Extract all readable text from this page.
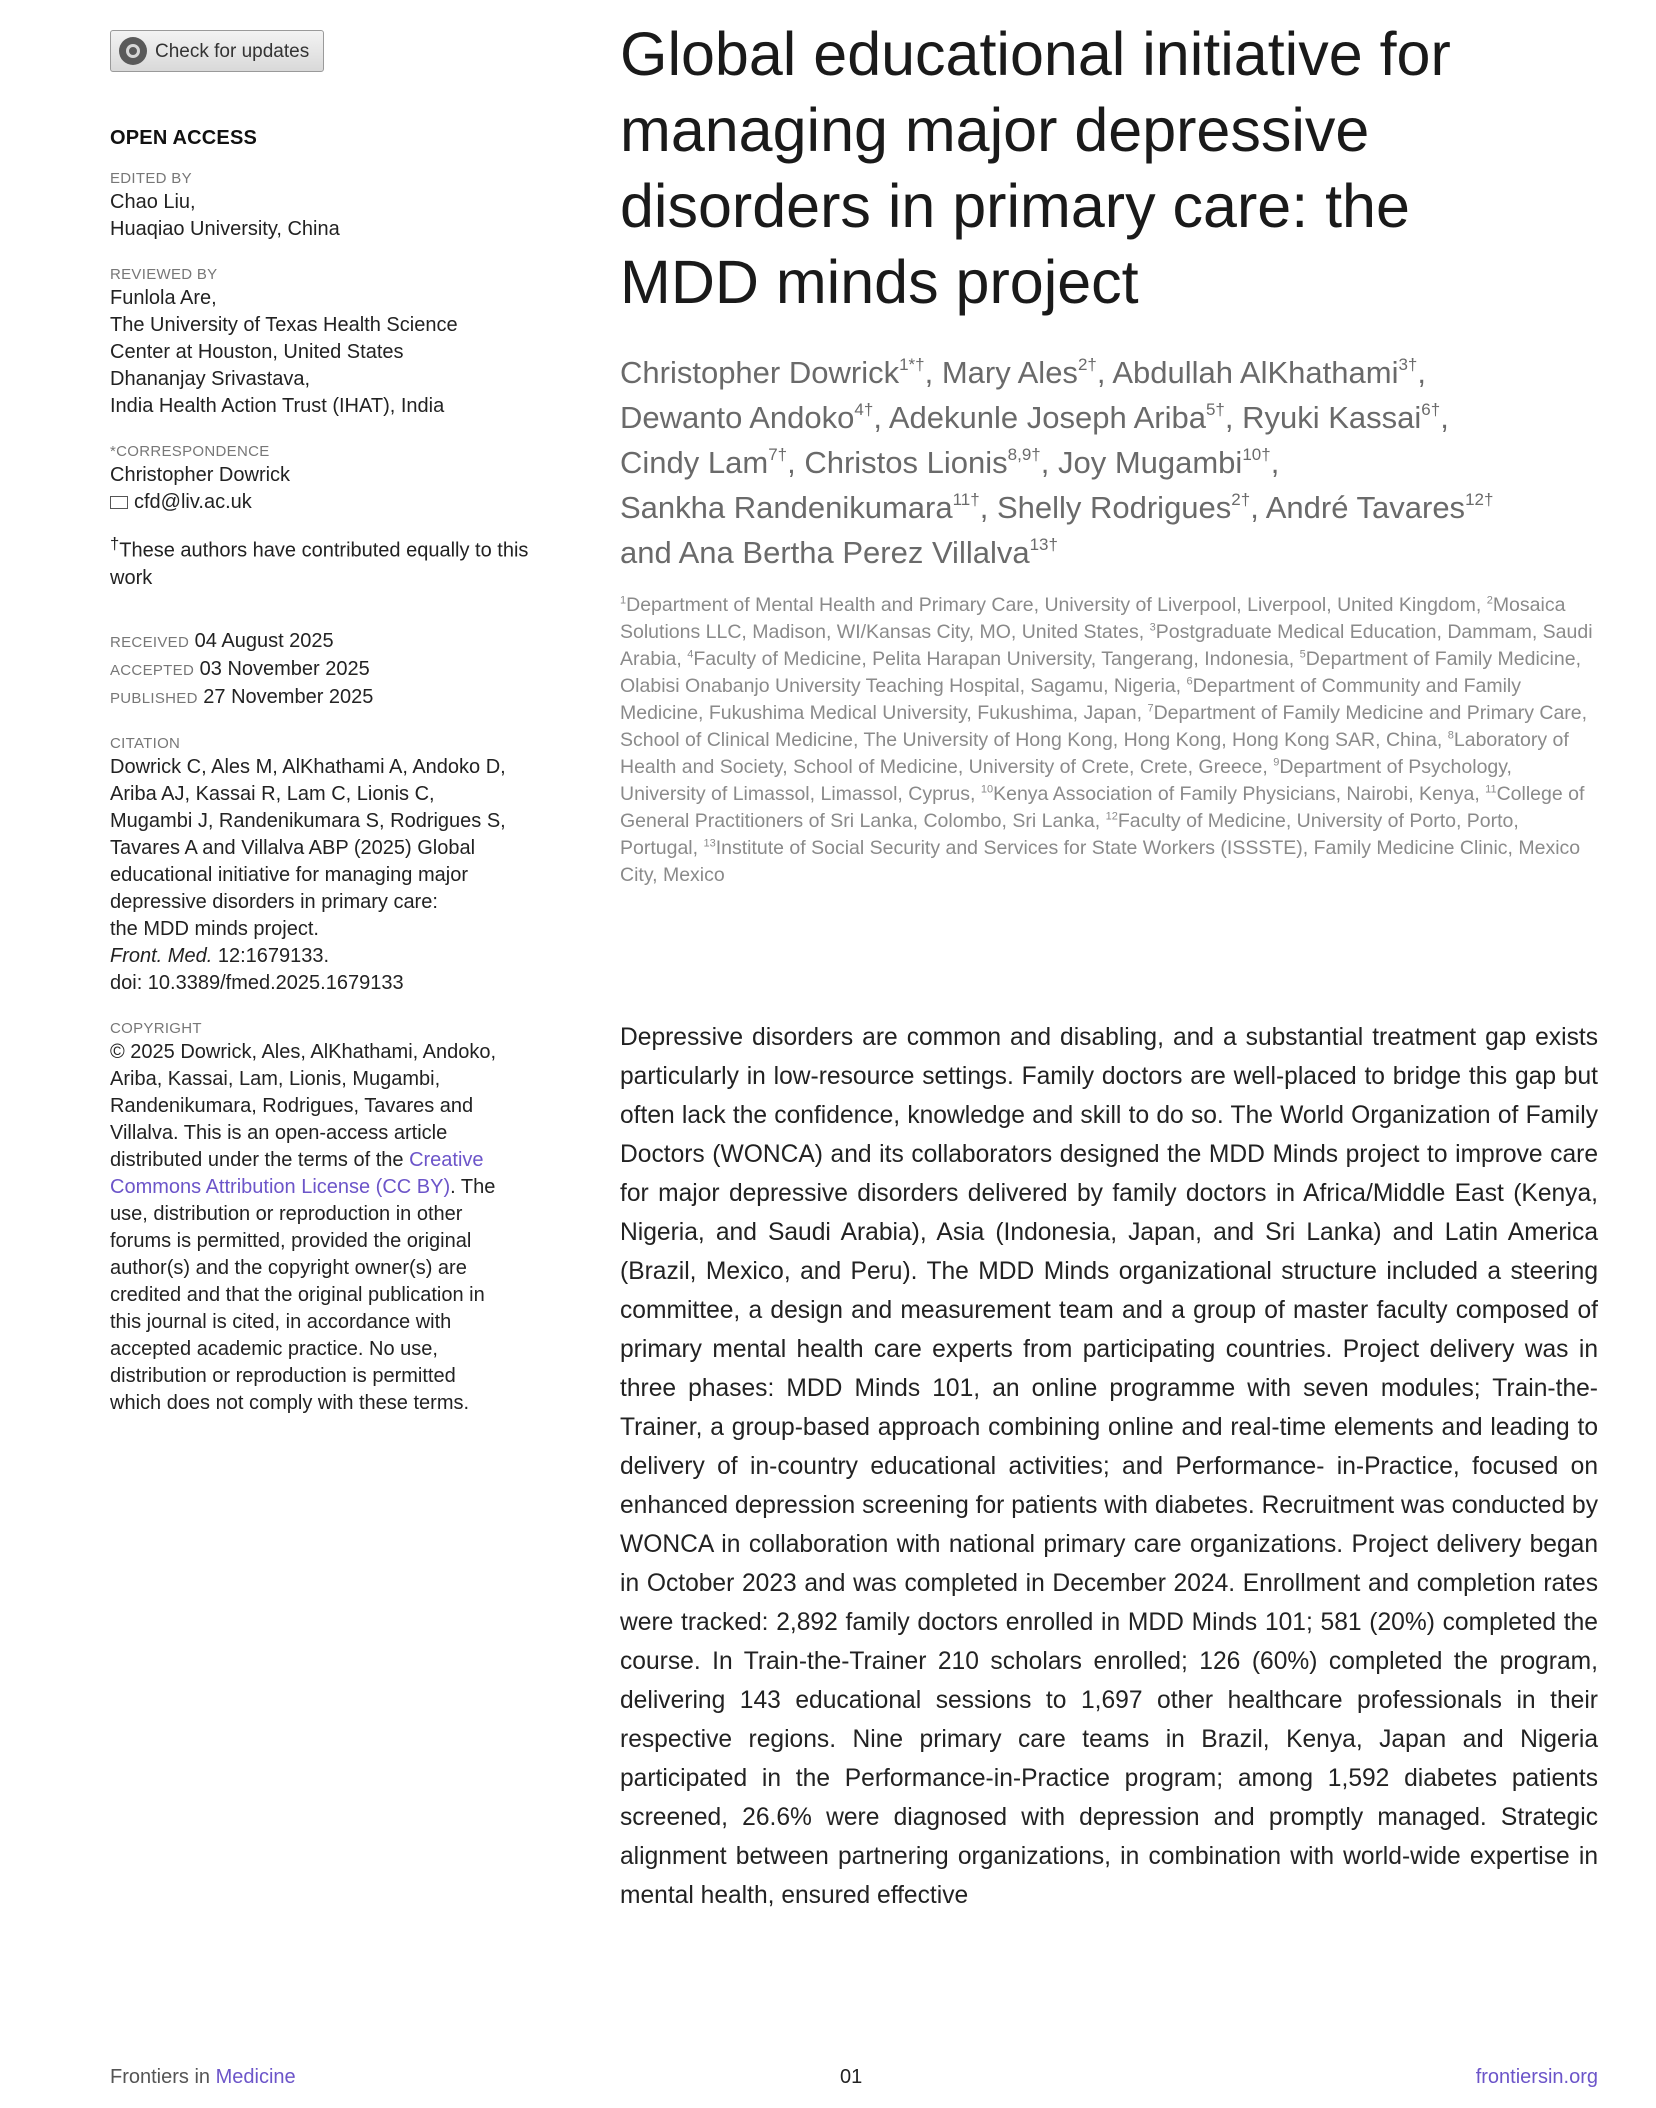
Check for updates
OPEN ACCESS
EDITED BY
Chao Liu,
Huaqiao University, China
REVIEWED BY
Funlola Are,
The University of Texas Health Science
Center at Houston, United States
Dhananjay Srivastava,
India Health Action Trust (IHAT), India
*CORRESPONDENCE
Christopher Dowrick
cfd@liv.ac.uk
†These authors have contributed equally to this work
RECEIVED 04 August 2025
ACCEPTED 03 November 2025
PUBLISHED 27 November 2025
CITATION
Dowrick C, Ales M, AlKhathami A, Andoko D,
Ariba AJ, Kassai R, Lam C, Lionis C,
Mugambi J, Randenikumara S, Rodrigues S,
Tavares A and Villalva ABP (2025) Global
educational initiative for managing major
depressive disorders in primary care:
the MDD minds project.
Front. Med. 12:1679133.
doi: 10.3389/fmed.2025.1679133
COPYRIGHT
© 2025 Dowrick, Ales, AlKhathami, Andoko,
Ariba, Kassai, Lam, Lionis, Mugambi,
Randenikumara, Rodrigues, Tavares and
Villalva. This is an open-access article
distributed under the terms of the Creative
Commons Attribution License (CC BY). The
use, distribution or reproduction in other
forums is permitted, provided the original
author(s) and the copyright owner(s) are
credited and that the original publication in
this journal is cited, in accordance with
accepted academic practice. No use,
distribution or reproduction is permitted
which does not comply with these terms.
Global educational initiative for
managing major depressive
disorders in primary care: the
MDD minds project
Christopher Dowrick$^{1*\dagger}$, Mary Ales$^{2\dagger}$, Abdullah AlKhathami$^{3\dagger}$,
Dewanto Andoko$^{4\dagger}$, Adekunle Joseph Ariba$^{5\dagger}$, Ryuki Kassai$^{6\dagger}$,
Cindy Lam$^{7\dagger}$, Christos Lionis$^{8,9\dagger}$, Joy Mugambi$^{10\dagger}$,
Sankha Randenikumara$^{11\dagger}$, Shelly Rodrigues$^{2\dagger}$, André Tavares$^{12\dagger}$
and Ana Bertha Perez Villalva$^{13\dagger}$
$^1$Department of Mental Health and Primary Care, University of Liverpool, Liverpool, United Kingdom, $^2$Mosaica Solutions LLC, Madison, WI/Kansas City, MO, United States, $^3$Postgraduate Medical Education, Dammam, Saudi Arabia, $^4$Faculty of Medicine, Pelita Harapan University, Tangerang, Indonesia, $^5$Department of Family Medicine, Olabisi Onabanjo University Teaching Hospital, Sagamu, Nigeria, $^6$Department of Community and Family Medicine, Fukushima Medical University, Fukushima, Japan, $^7$Department of Family Medicine and Primary Care, School of Clinical Medicine, The University of Hong Kong, Hong Kong, Hong Kong SAR, China, $^8$Laboratory of Health and Society, School of Medicine, University of Crete, Crete, Greece, $^9$Department of Psychology, University of Limassol, Limassol, Cyprus, $^{10}$Kenya Association of Family Physicians, Nairobi, Kenya, $^{11}$College of General Practitioners of Sri Lanka, Colombo, Sri Lanka, $^{12}$Faculty of Medicine, University of Porto, Porto, Portugal, $^{13}$Institute of Social Security and Services for State Workers (ISSSTE), Family Medicine Clinic, Mexico City, Mexico
Depressive disorders are common and disabling, and a substantial treatment gap exists particularly in low-resource settings. Family doctors are well-placed to bridge this gap but often lack the confidence, knowledge and skill to do so. The World Organization of Family Doctors (WONCA) and its collaborators designed the MDD Minds project to improve care for major depressive disorders delivered by family doctors in Africa/Middle East (Kenya, Nigeria, and Saudi Arabia), Asia (Indonesia, Japan, and Sri Lanka) and Latin America (Brazil, Mexico, and Peru). The MDD Minds organizational structure included a steering committee, a design and measurement team and a group of master faculty composed of primary mental health care experts from participating countries. Project delivery was in three phases: MDD Minds 101, an online programme with seven modules; Train-the-Trainer, a group-based approach combining online and real-time elements and leading to delivery of in-country educational activities; and Performance- in-Practice, focused on enhanced depression screening for patients with diabetes. Recruitment was conducted by WONCA in collaboration with national primary care organizations. Project delivery began in October 2023 and was completed in December 2024. Enrollment and completion rates were tracked: 2,892 family doctors enrolled in MDD Minds 101; 581 (20%) completed the course. In Train-the-Trainer 210 scholars enrolled; 126 (60%) completed the program, delivering 143 educational sessions to 1,697 other healthcare professionals in their respective regions. Nine primary care teams in Brazil, Kenya, Japan and Nigeria participated in the Performance-in-Practice program; among 1,592 diabetes patients screened, 26.6% were diagnosed with depression and promptly managed. Strategic alignment between partnering organizations, in combination with world-wide expertise in mental health, ensured effective
Frontiers in Medicine	01	frontiersin.org
